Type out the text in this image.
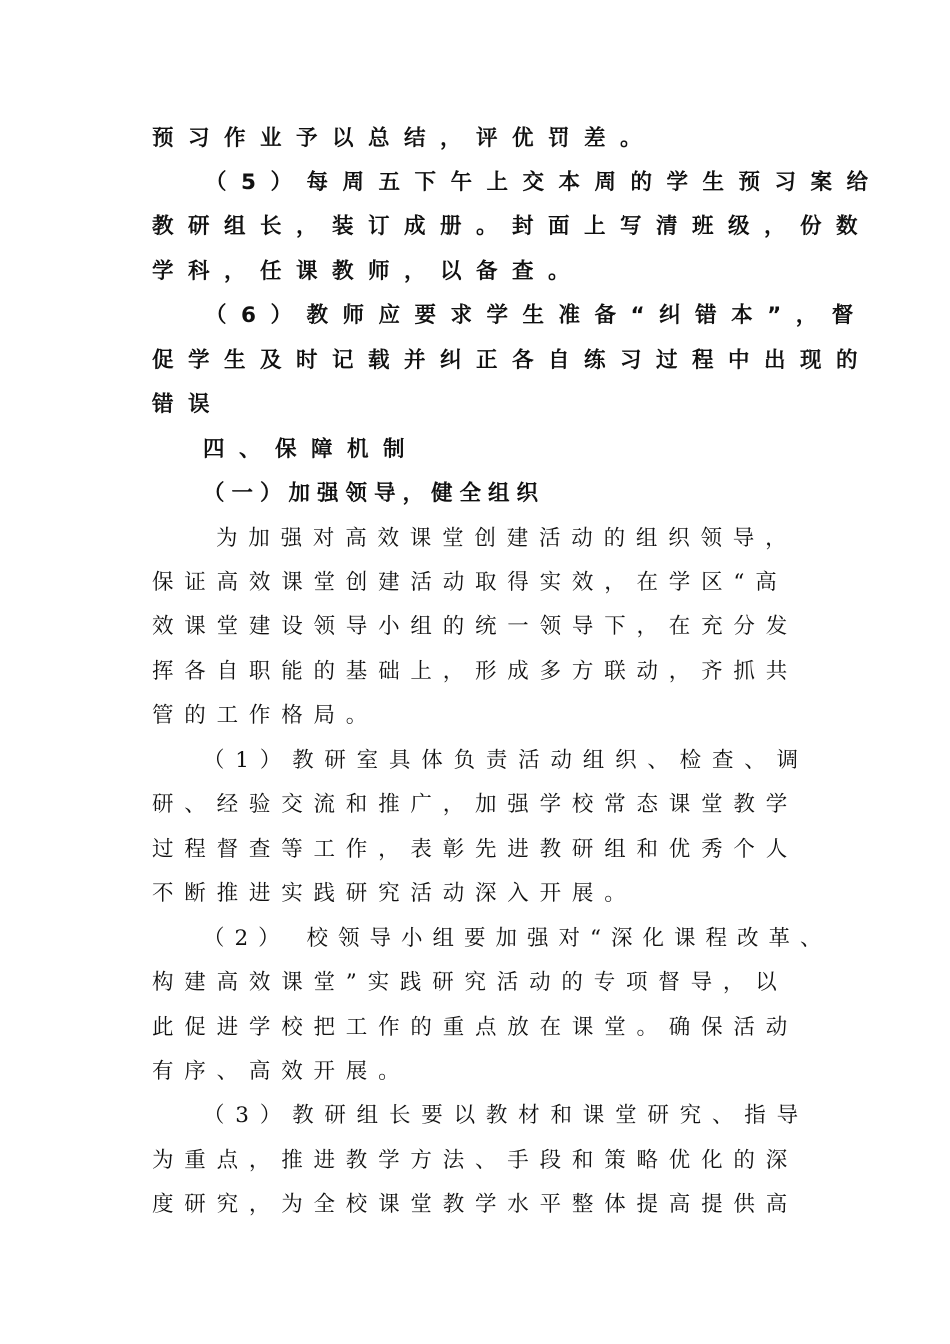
预习作业予以总结，评优罚差。
（5）每周五下午上交本周的学生预习案给
教研组长，装订成册。封面上写清班级，份数
学科，任课教师，以备查。
（6）教师应要求学生准备“纠错本”，督
促学生及时记载并纠正各自练习过程中出现的
错误
四、保障机制
（一）加强领导，健全组织
为加强对高效课堂创建活动的组织领导，
保证高效课堂创建活动取得实效，在学区“高
效课堂建设领导小组的统一领导下，在充分发
挥各自职能的基础上，形成多方联动，齐抓共
管的工作格局。
（1）教研室具体负责活动组织、检查、调
研、经验交流和推广，加强学校常态课堂教学
过程督查等工作，表彰先进教研组和优秀个人
不断推进实践研究活动深入开展。
（2） 校领导小组要加强对“深化课程改革、
构建高效课堂”实践研究活动的专项督导，以
此促进学校把工作的重点放在课堂。确保活动
有序、高效开展。
（3）教研组长要以教材和课堂研究、指导
为重点，推进教学方法、手段和策略优化的深
度研究，为全校课堂教学水平整体提高提供高
